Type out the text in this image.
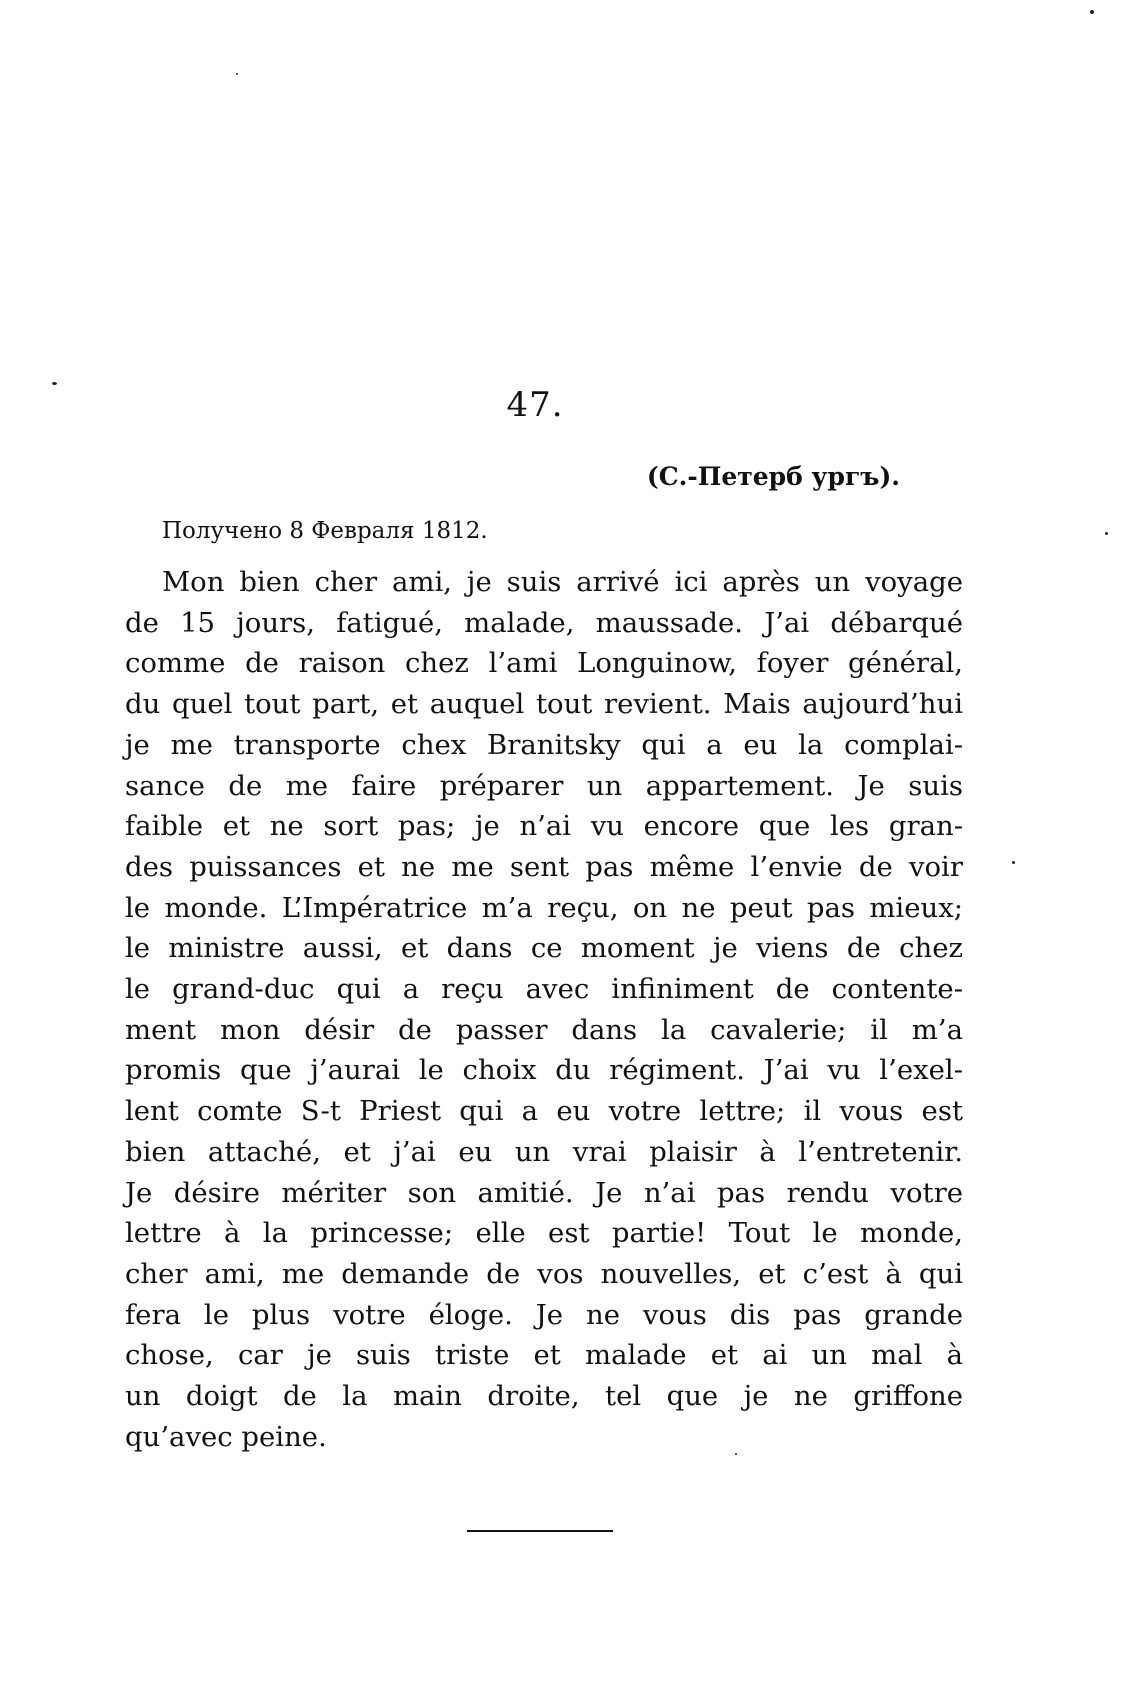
47.
(С.-Петерб ургъ).
Получено 8 Февраля 1812.
Mon bien cher ami, je suis arrivé ici après un voyage
de 15 jours, fatigué, malade, maussade. J’ai débarqué
comme de raison chez l’ami Longuinow, foyer général,
du quel tout part, et auquel tout revient. Mais aujourd’hui
je me transporte chex Branitsky qui a eu la complai-
sance de me faire préparer un appartement. Je suis
faible et ne sort pas; je n’ai vu encore que les gran-
des puissances et ne me sent pas même l’envie de voir
le monde. L’Impératrice m’a reçu, on ne peut pas mieux;
le ministre aussi, et dans ce moment je viens de chez
le grand-duc qui a reçu avec infiniment de contente-
ment mon désir de passer dans la cavalerie; il m’a
promis que j’aurai le choix du régiment. J’ai vu l’exel-
lent comte S-t Priest qui a eu votre lettre; il vous est
bien attaché, et j’ai eu un vrai plaisir à l’entretenir.
Je désire mériter son amitié. Je n’ai pas rendu votre
lettre à la princesse; elle est partie! Tout le monde,
cher ami, me demande de vos nouvelles, et c’est à qui
fera le plus votre éloge. Je ne vous dis pas grande
chose, car je suis triste et malade et ai un mal à
un doigt de la main droite, tel que je ne griffone
qu’avec peine.
